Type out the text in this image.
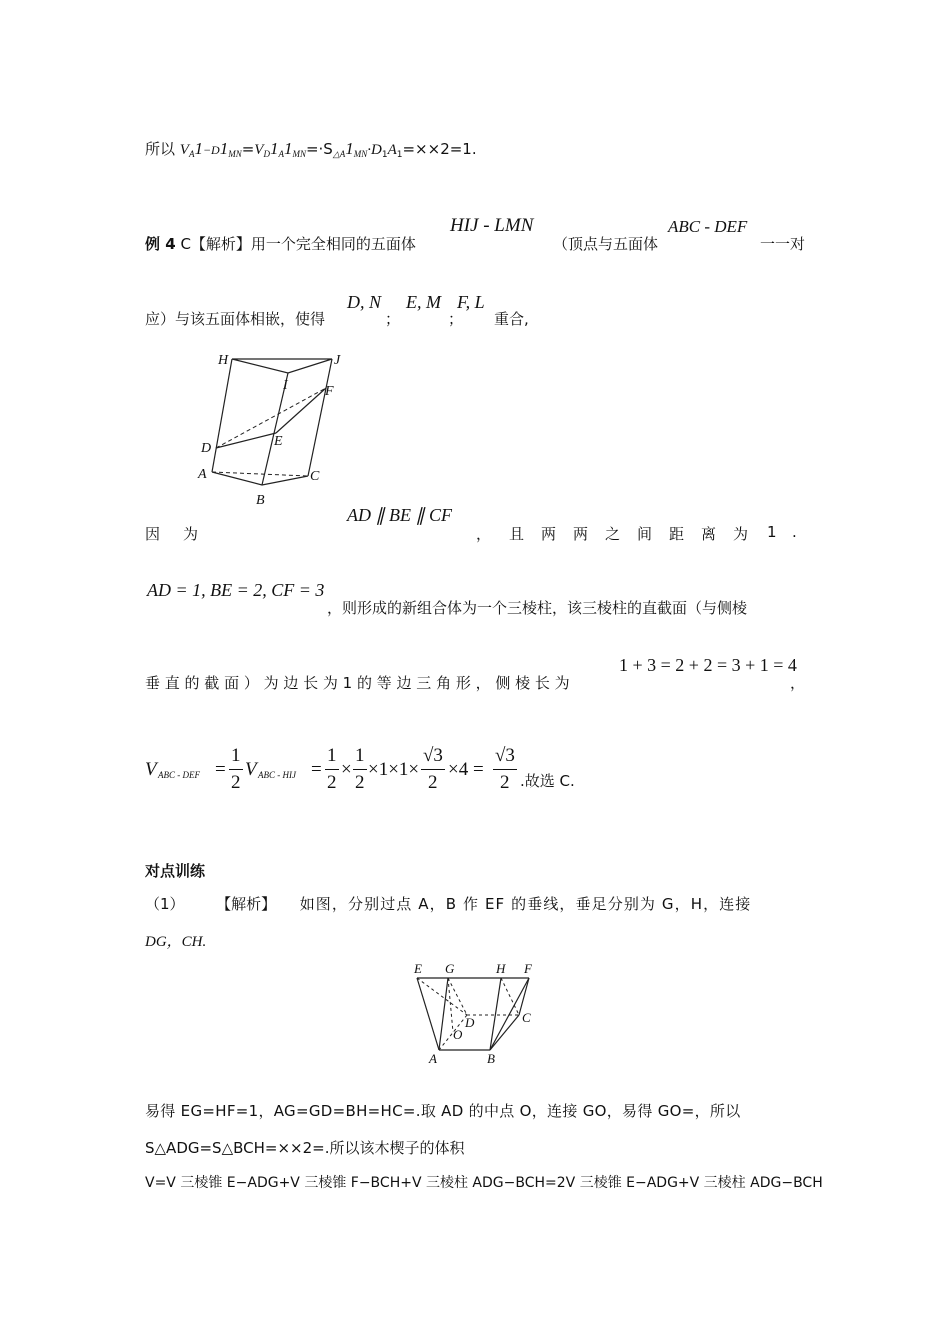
所以 $V_A1-D1_{MN}=V_D1_A1_{MN}=\cdot S_{\triangle A}1_{MN}\cdot D_1A_1=\times\times 2=1$.
例 4 C【解析】用一个完全相同的五面体
HIJ - LMN
（顶点与五面体
ABC - DEF
一一对
应）与该五面体相嵌，使得
D, N
；
E, M
；
F, L
重合,
H	J
I	F
D	E
A	C
B
因 为
AD ∥ BE ∥ CF
， 且 两 两 之 间 距 离 为 1 .
AD = 1, BE = 2, CF = 3
，则形成的新组合体为一个三棱柱，该三棱柱的直截面（与侧棱
垂 直 的 截 面 ） 为 边 长 为 1 的 等 边 三 角 形 ， 侧 棱 长 为
1 + 3 = 2 + 2 = 3 + 1 = 4
，
V ABC - DEF =
1
2
V ABC - HIJ =
1
2
×
1
2
×1×1×
√3
2
×4 =
√3
2 .故选 C.
对点训练
（1） 【解析】 如图，分别过点 A，B 作 EF 的垂线，垂足分别为 G，H，连接
DG，CH.
E G	H F
D	C
O
A	B
易得 EG=HF=1，AG=GD=BH=HC=.取 AD 的中点 O，连接 GO，易得 GO=，所以
S△ADG=S△BCH=××2=.所以该木楔子的体积
V=V 三棱锥 E−ADG+V 三棱锥 F−BCH+V 三棱柱 ADG−BCH=2V 三棱锥 E−ADG+V 三棱柱 ADG−BCH
